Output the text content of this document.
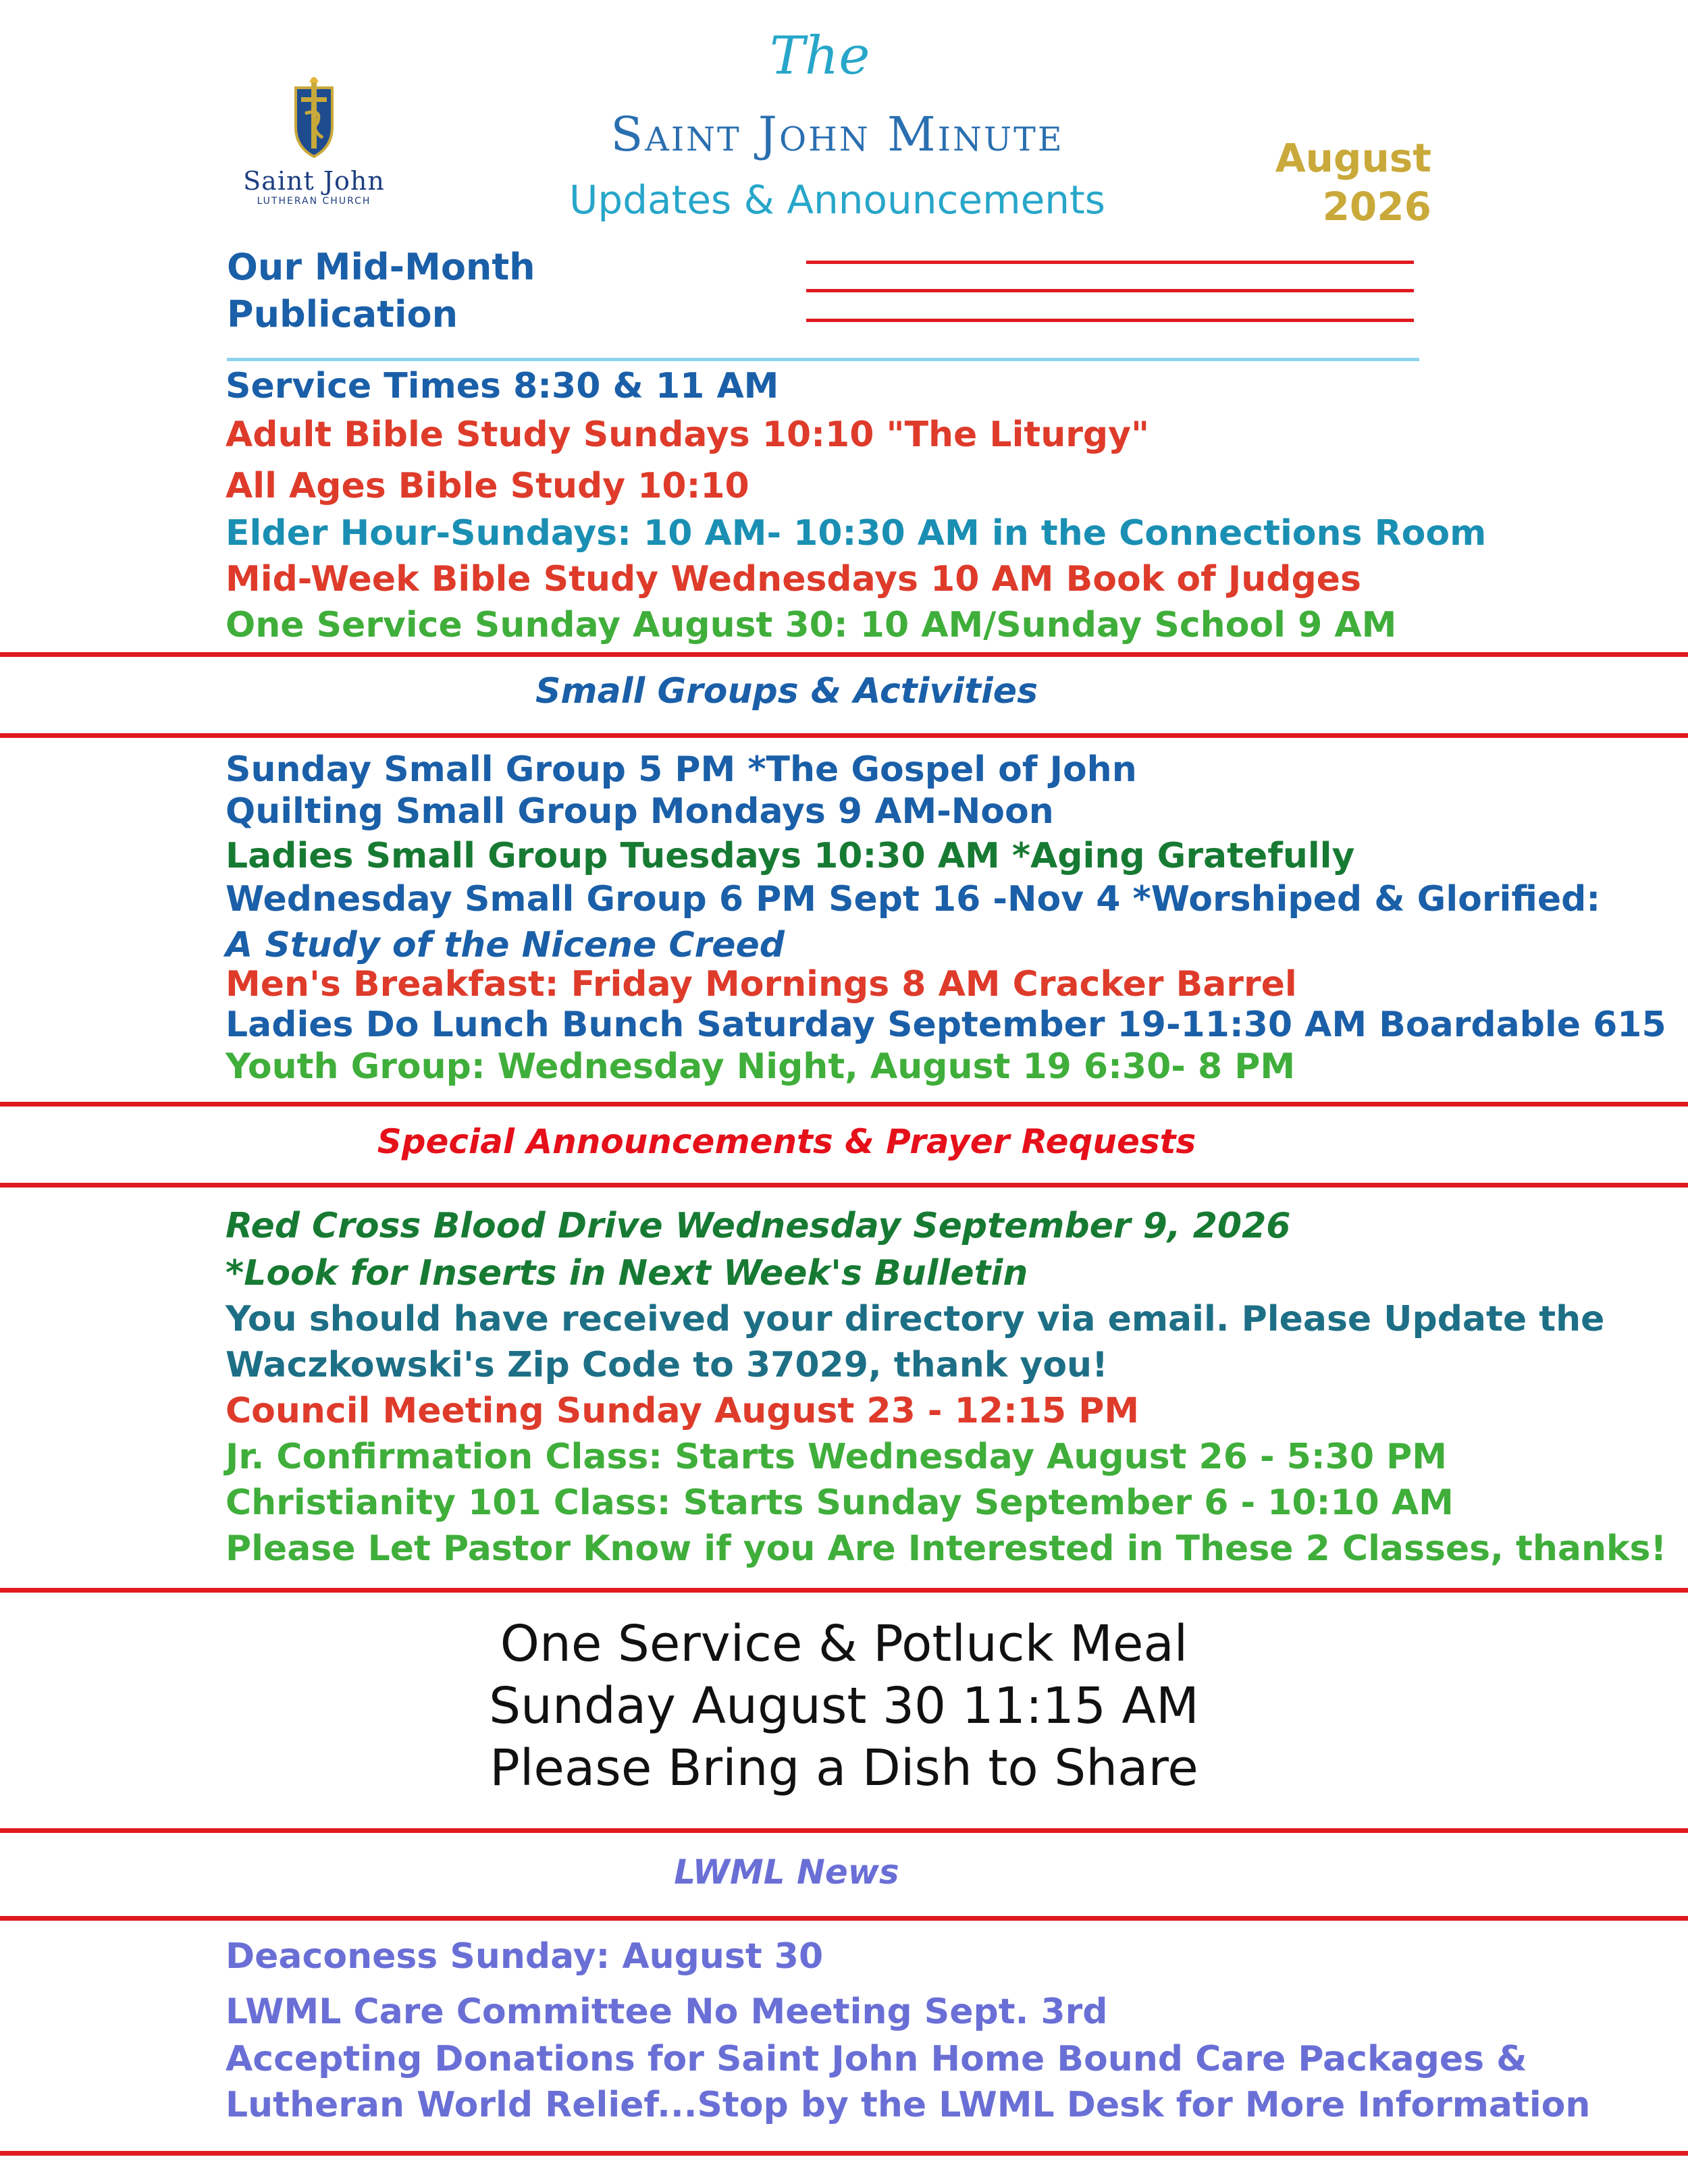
Saint John
LUTHERAN CHURCH
The
Saint John Minute
Updates & Announcements
August
2026
Our Mid-Month
Publication
Service Times 8:30 & 11 AM
Adult Bible Study Sundays 10:10 "The Liturgy"
All Ages Bible Study 10:10
Elder Hour-Sundays: 10 AM- 10:30 AM in the Connections Room
Mid-Week Bible Study Wednesdays 10 AM Book of Judges
One Service Sunday August 30: 10 AM/Sunday School 9 AM
Small Groups & Activities
Sunday Small Group 5 PM *The Gospel of John
Quilting Small Group Mondays 9 AM-Noon
Ladies Small Group Tuesdays 10:30 AM *Aging Gratefully
Wednesday Small Group 6 PM Sept 16 -Nov 4 *Worshiped & Glorified:
A Study of the Nicene Creed
Men's Breakfast: Friday Mornings 8 AM Cracker Barrel
Ladies Do Lunch Bunch Saturday September 19-11:30 AM Boardable 615
Youth Group: Wednesday Night, August 19 6:30- 8 PM
Special Announcements & Prayer Requests
Red Cross Blood Drive Wednesday September 9, 2026
*Look for Inserts in Next Week's Bulletin
You should have received your directory via email. Please Update the
Waczkowski's Zip Code to 37029, thank you!
Council Meeting Sunday August 23 - 12:15 PM
Jr. Confirmation Class: Starts Wednesday August 26 - 5:30 PM
Christianity 101 Class: Starts Sunday September 6 - 10:10 AM
Please Let Pastor Know if you Are Interested in These 2 Classes, thanks!
One Service & Potluck Meal
Sunday August 30 11:15 AM
Please Bring a Dish to Share
LWML News
Deaconess Sunday: August 30
LWML Care Committee No Meeting Sept. 3rd
Accepting Donations for Saint John Home Bound Care Packages &
Lutheran World Relief...Stop by the LWML Desk for More Information
